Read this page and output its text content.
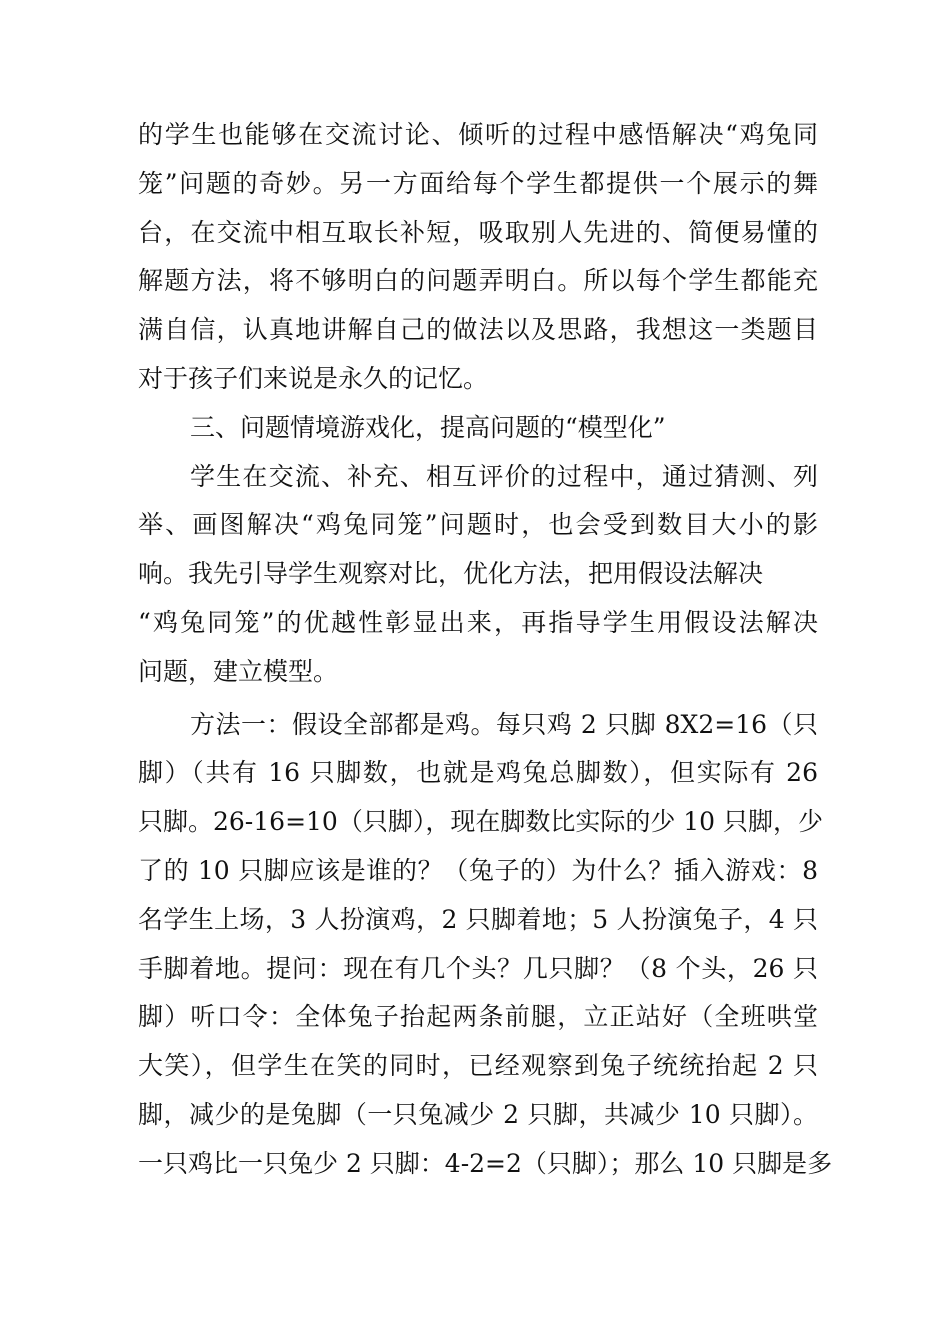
的学生也能够在交流讨论、倾听的过程中感悟解决“鸡兔同
笼”问题的奇妙。另一方面给每个学生都提供一个展示的舞
台，在交流中相互取长补短，吸取别人先进的、简便易懂的
解题方法，将不够明白的问题弄明白。所以每个学生都能充
满自信，认真地讲解自己的做法以及思路，我想这一类题目
对于孩子们来说是永久的记忆。
三、问题情境游戏化，提高问题的“模型化”
学生在交流、补充、相互评价的过程中，通过猜测、列
举、画图解决“鸡兔同笼”问题时，也会受到数目大小的影
响。我先引导学生观察对比，优化方法，把用假设法解决
“鸡兔同笼”的优越性彰显出来，再指导学生用假设法解决
问题，建立模型。
方法一：假设全部都是鸡。每只鸡 2 只脚 8X2=16（只
脚）（共有 16 只脚数，也就是鸡兔总脚数），但实际有 26
只脚。26-16=10（只脚），现在脚数比实际的少 10 只脚，少
了的 10 只脚应该是谁的？（兔子的）为什么？插入游戏：8
名学生上场，3 人扮演鸡，2 只脚着地；5 人扮演兔子，4 只
手脚着地。提问：现在有几个头？几只脚？（8 个头，26 只
脚）听口令：全体兔子抬起两条前腿，立正站好（全班哄堂
大笑），但学生在笑的同时，已经观察到兔子统统抬起 2 只
脚，减少的是兔脚（一只兔减少 2 只脚，共减少 10 只脚）。
一只鸡比一只兔少 2 只脚：4-2=2（只脚）；那么 10 只脚是多
